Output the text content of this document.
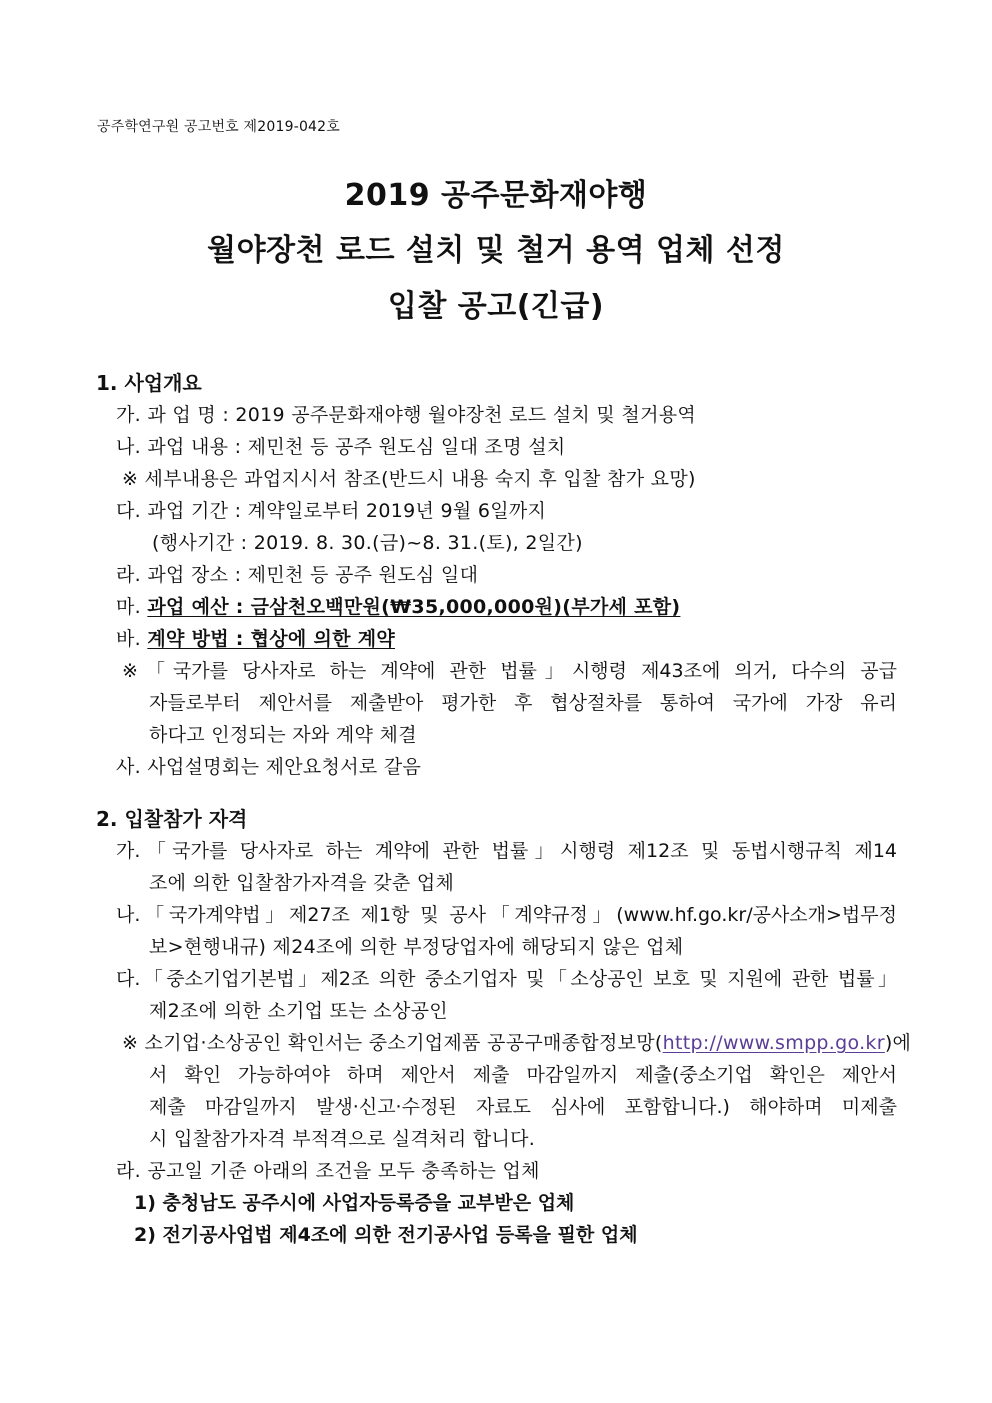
공주학연구원 공고번호 제2019-042호
2019 공주문화재야행
월야장천 로드 설치 및 철거 용역 업체 선정
입찰 공고(긴급)
1. 사업개요
가. 과 업 명 : 2019 공주문화재야행 월야장천 로드 설치 및 철거용역
나. 과업 내용 : 제민천 등 공주 원도심 일대 조명 설치
※ 세부내용은 과업지시서 참조(반드시 내용 숙지 후 입찰 참가 요망)
다. 과업 기간 : 계약일로부터 2019년 9월 6일까지
(행사기간 : 2019. 8. 30.(금)~8. 31.(토), 2일간)
라. 과업 장소 : 제민천 등 공주 원도심 일대
마. 과업 예산 : 금삼천오백만원(₩35,000,000원)(부가세 포함)
바. 계약 방법 : 협상에 의한 계약
※「국가를 당사자로 하는 계약에 관한 법률」시행령 제43조에 의거, 다수의 공급
자들로부터 제안서를 제출받아 평가한 후 협상절차를 통하여 국가에 가장 유리
하다고 인정되는 자와 계약 체결
사. 사업설명회는 제안요청서로 갈음
2. 입찰참가 자격
가.「국가를 당사자로 하는 계약에 관한 법률」시행령 제12조 및 동법시행규칙 제14
조에 의한 입찰참가자격을 갖춘 업체
나.「국가계약법」제27조 제1항 및 공사「계약규정」(www.hf.go.kr/공사소개>법무정
보>현행내규) 제24조에 의한 부정당업자에 해당되지 않은 업체
다.「중소기업기본법」제2조 의한 중소기업자 및「소상공인 보호 및 지원에 관한 법률」
제2조에 의한 소기업 또는 소상공인
※ 소기업·소상공인 확인서는 중소기업제품 공공구매종합정보망(http://www.smpp.go.kr)에
서 확인 가능하여야 하며 제안서 제출 마감일까지 제출(중소기업 확인은 제안서
제출 마감일까지 발생·신고·수정된 자료도 심사에 포함합니다.) 해야하며 미제출
시 입찰참가자격 부적격으로 실격처리 합니다.
라. 공고일 기준 아래의 조건을 모두 충족하는 업체
1) 충청남도 공주시에 사업자등록증을 교부받은 업체
2) 전기공사업법 제4조에 의한 전기공사업 등록을 필한 업체
